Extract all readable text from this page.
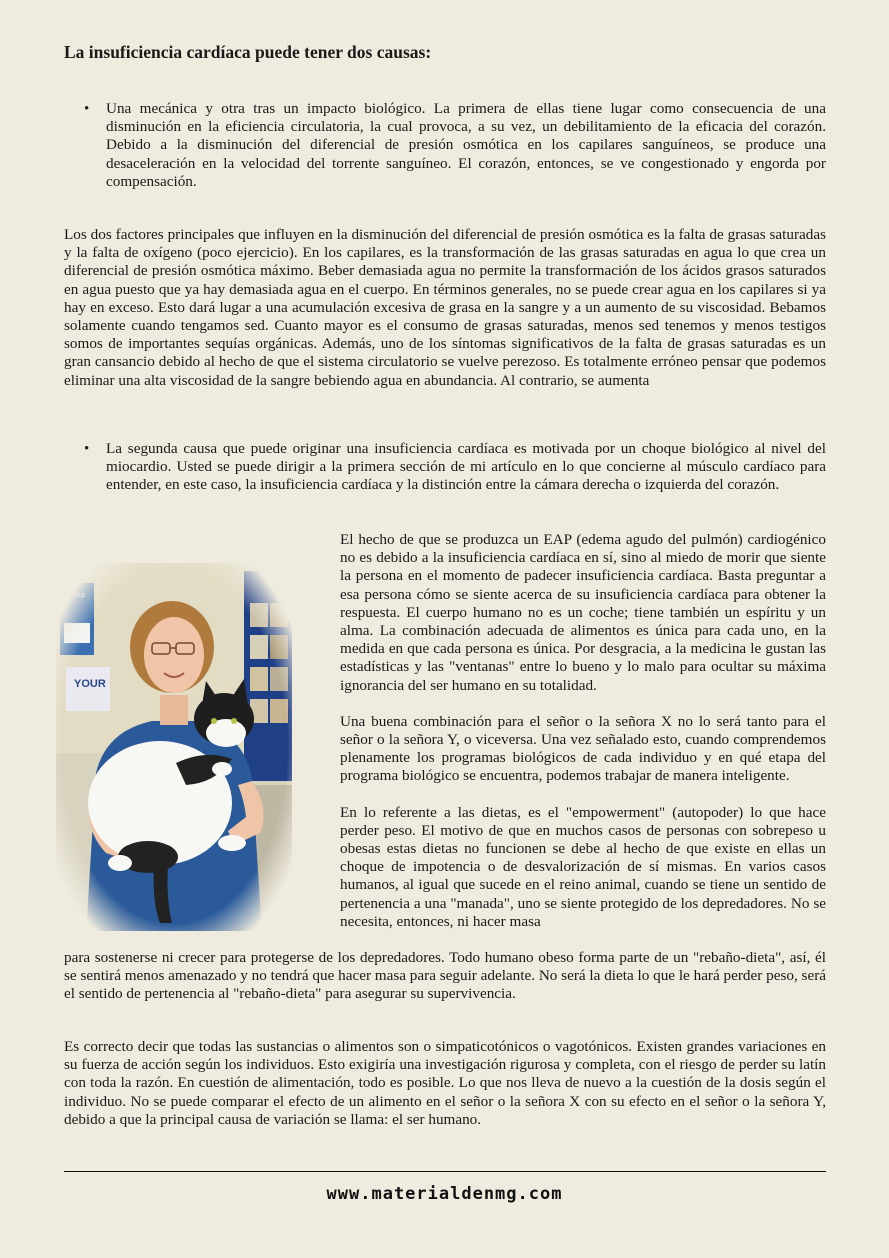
La insuficiencia cardíaca puede tener dos causas:
• Una mecánica y otra tras un impacto biológico. La primera de ellas tiene lugar como consecuencia de una disminución en la eficiencia circulatoria, la cual provoca, a su vez, un debilitamiento de la eficacia del corazón. Debido a la disminución del diferencial de presión osmótica en los capilares sanguíneos, se produce una desaceleración en la velocidad del torrente sanguíneo. El corazón, entonces, se ve congestionado y engorda por compensación.
Los dos factores principales que influyen en la disminución del diferencial de presión osmótica es la falta de grasas saturadas y la falta de oxígeno (poco ejercicio). En los capilares, es la transformación de las grasas saturadas en agua lo que crea un diferencial de presión osmótica máximo. Beber demasiada agua no permite la transformación de los ácidos grasos saturados en agua puesto que ya hay demasiada agua en el cuerpo. En términos generales, no se puede crear agua en los capilares si ya hay en exceso. Esto dará lugar a una acumulación excesiva de grasa en la sangre y a un aumento de su viscosidad. Bebamos solamente cuando tengamos sed. Cuanto mayor es el consumo de grasas saturadas, menos sed tenemos y menos testigos somos de importantes sequías orgánicas. Además, uno de los síntomas significativos de la falta de grasas saturadas es un gran cansancio debido al hecho de que el sistema circulatorio se vuelve perezoso. Es totalmente erróneo pensar que podemos eliminar una alta viscosidad de la sangre bebiendo agua en abundancia. Al contrario, se aumenta
• La segunda causa que puede originar una insuficiencia cardíaca es motivada por un choque biológico al nivel del miocardio. Usted se puede dirigir a la primera sección de mi artículo en lo que concierne al músculo cardíaco para entender, en este caso, la insuficiencia cardíaca y la distinción entre la cámara derecha o izquierda del corazón.

El hecho de que se produzca un EAP (edema agudo del pulmón) cardiogénico no es debido a la insuficiencia cardíaca en sí, sino al miedo de morir que siente la persona en el momento de padecer insuficiencia cardíaca. Basta preguntar a esa persona cómo se siente acerca de su insuficiencia cardíaca para obtener la respuesta. El cuerpo humano no es un coche; tiene también un espíritu y un alma. La combinación adecuada de alimentos es única para cada uno, en la medida en que cada persona es única. Por desgracia, a la medicina le gustan las estadísticas y las "ventanas" entre lo bueno y lo malo para ocultar su máxima ignorancia del ser humano en su totalidad.

Una buena combinación para el señor o la señora X no lo será tanto para el señor o la señora Y, o viceversa. Una vez señalado esto, cuando comprendemos plenamente los programas biológicos de cada individuo y en qué etapa del programa biológico se encuentra, podemos trabajar de manera inteligente.

En lo referente a las dietas, es el "empowerment" (autopoder) lo que hace perder peso. El motivo de que en muchos casos de personas con sobrepeso u obesas estas dietas no funcionen se debe al hecho de que existe en ellas un choque de impotencia o de desvalorización de sí mismas. En varios casos humanos, al igual que sucede en el reino animal, cuando se tiene un sentido de pertenencia a una "manada", uno se siente protegido de los depredadores. No se necesita, entonces, ni hacer masa

para sostenerse ni crecer para protegerse de los depredadores. Todo humano obeso forma parte de un "rebaño-dieta", así, él se sentirá menos amenazado y no tendrá que hacer masa para seguir adelante. No será la dieta lo que le hará perder peso, será el sentido de pertenencia al "rebaño-dieta" para asegurar su supervivencia.
Es correcto decir que todas las sustancias o alimentos son o simpaticotónicos o vagotónicos. Existen grandes variaciones en su fuerza de acción según los individuos. Esto exigiría una investigación rigurosa y completa, con el riesgo de perder su latín con toda la razón. En cuestión de alimentación, todo es posible. Lo que nos lleva de nuevo a la cuestión de la dosis según el individuo. No se puede comparar el efecto de un alimento en el señor o la señora X con su efecto en el señor o la señora Y, debido a que la principal causa de variación se llama: el ser humano.
www.materialdenmg.com
